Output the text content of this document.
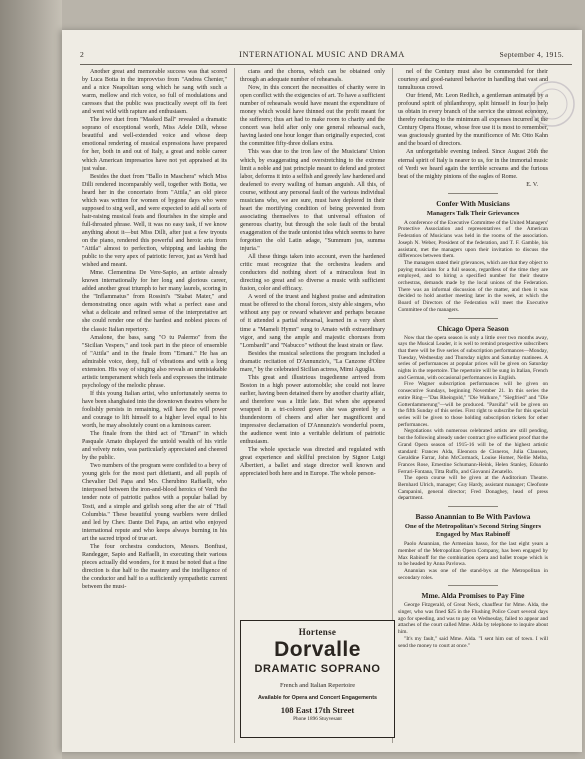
2	INTERNATIONAL MUSIC AND DRAMA	September 4, 1915.

Another great and memorable success was that scored by Luca Botta in the improvviso from "Andrea Chenier," and a nice Neapolitan song which he sang with such a warm, mellow and rich voice, so full of modulations and caresses that the public was practically swept off its feet and went wild with rapture and enthusiasm.

The love duet from "Masked Ball" revealed a dramatic soprano of exceptional worth, Miss Adele Dilli, whose beautiful and well-extended voice and whose deep emotional rendering of musical expressions have prepared for her, both in and out of Italy, a great and noble career which American impresarios have not yet appraised at its just value.

Besides the duet from "Ballo in Maschera" which Miss Dilli rendered incomparably well, together with Botta, we heard her in the concertato from "Attila," an old piece which was written for women of bygone days who were supposed to sing well, and were expected to add all sorts of hair-raising musical feats and flourishes in the simple and full-throated phrase. Well, it was no easy task, if we know anything about it—but Miss Dilli, after just a few tryouts on the piano, rendered this powerful and heroic aria from "Attila" almost to perfection, whipping and lashing the public to the very apex of patriotic fervor, just as Verdi had wished and meant.

Mme. Clementina De Vere-Sapio, an artiste already known internationally for her long and glorious career, added another great triumph to her many laurels, scoring in the "Inflammatus" from Rossini's "Stabat Mater," and demonstrating once again with what a perfect ease and what a delicate and refined sense of the interpretative art she could render one of the hardest and noblest pieces of the classic Italian repertory.

Amalone, the bass, sang "O tu Palermo" from the "Sicilian Vespers," and took part in the piece of ensemble of "Attila" and in the finale from "Ernani." He has an admirable voice, deep, full of vibrations and with a long extension. His way of singing also reveals an unmistakable artistic temperament which feels and expresses the intimate psychology of the melodic phrase.

If this young Italian artist, who unfortunately seems to have been shanghaied into the downtown theatres where he foolishly persists in remaining, will have the will power and courage to lift himself to a higher level equal to his worth, he may absolutely count on a luminous career.

The finale from the third act of "Ernani" in which Pasquale Amato displayed the untold wealth of his virile and velvety notes, was particularly appreciated and cheered by the public.

Two numbers of the program were confided to a bevy of young girls for the most part dilettanti, and all pupils of Chevalier Del Papa and Mo. Cherubino Raffaelli, who interposed between the iron-and-blood heroics of Verdi the tender note of patriotic pathos with a popular ballad by Tosti, and a simple and girlish song after the air of "Hail Columbia." These beautiful young warblers were drilled and led by Chev. Dante Del Papa, an artist who enjoyed international repute and who keeps always burning in his art the sacred tripod of true art.

The four orchestra conductors, Messrs. Bonfiusi, Randegger, Sapio and Raffaelli, in executing their various pieces actually did wonders, for it must be noted that a fine direction is due half to the mastery and the intelligence of the conductor and half to a sufficiently sympathetic current between the musi-

cians and the chorus, which can be obtained only through an adequate number of rehearsals.

Now, in this concert the necessities of charity were in open conflict with the exigencies of art. To have a sufficient number of rehearsals would have meant the expenditure of money which would have thinned out the profit meant for the sufferers; thus art had to make room to charity and the concert was held after only one general rehearsal each, having lasted one hour longer than originally expected, cost the committee fifty-three dollars extra.

This was due to the iron law of the Musicians' Union which, by exaggerating and overstretching to the extreme limit a noble and just principle meant to defend and protect labor, deforms it into a selfish and greedy law hardened and deafened to every wailing of human anguish. All this, of course, without any personal fault of the various individual musicians who, we are sure, must have deplored in their heart the mortifying condition of being prevented from associating themselves to that universal effusion of generous charity, but through the sole fault of the brutal exaggeration of the trade unionist idea which seems to have forgotten the old Latin adage, "Summum jus, summa injuria."

All these things taken into account, even the hardened critic must recognize that the orchestra leaders and conductors did nothing short of a miraculous feat in directing so great and so diverse a music with sufficient fusion, color and efficacy.

A word of the truest and highest praise and admiration must be offered to the choral forces, sixty able singers, who without any pay or reward whatever and perhaps because of it attended a partial rehearsal, learned in a very short time a "Mameli Hymn" sung to Amato with extraordinary vigor, and sang the ample and majestic choruses from "Lombardi" and "Nabucco" without the least strain or flaw.

Besides the musical selections the program included a dramatic recitation of D'Annunzio's, "La Canzone d'Oltre mare," by the celebrated Sicilian actress, Mimi Aguglia.

This great and illustrious tragedienne arrived from Boston in a high power automobile; she could not leave earlier, having been detained there by another charity affair, and therefore was a little late. But when she appeared wrapped in a tri-colored gown she was greeted by a thunderstorm of cheers and after her magnificent and impressive declamation of D'Annunzio's wonderful poem, the audience went into a veritable delirium of patriotic enthusiasm.

The whole spectacle was directed and regulated with great experience and skillful precision by Signor Luigi Albertieri, a ballet and stage director well known and appreciated both here and in Europe. The whole person-

Hortense
Dorvalle
DRAMATIC SOPRANO
French and Italian Repertoire
Available for Opera and Concert Engagements
108 East 17th Street
Phone 1896 Stuyvesant

nel of the Century must also be commended for their courtesy and good-natured behavior in handling that vast and tumultuous crowd.

Our friend, Mr. Leon Redlich, a gentleman animated by a profound spirit of philanthropy, split himself in four to help us obtain in every branch of the service the utmost economy, thereby reducing to the minimum all expenses incurred at the Century Opera House, whose free use it is most to remember, was graciously granted by the munificence of Mr. Otto Kahn and the board of directors.

An unforgettable evening indeed. Since August 26th the eternal spirit of Italy is nearer to us, for in the immortal music of Verdi we heard again the terrible screams and the furious beat of the mighty pinions of the eagles of Rome.

E. V.
Confer With Musicians
Managers Talk Their Grievances

A conference of the Executive Committee of the United Managers' Protective Association and representatives of the American Federation of Musicians was held in the rooms of the association. Joseph N. Weber, President of the federation, and T. F. Gamble, his assistant, met the managers upon their invitation to discuss the differences between them.

The managers stated their grievances, which are that they object to paying musicians for a full season, regardless of the time they are employed, and to hiring a specified number for their theatre orchestras, demands made by the local unions of the Federation. There was an informal discussion of the matter, and then it was decided to hold another meeting later in the week, at which the Board of Directors of the Federation will meet the Executive Committee of the managers.

Chicago Opera Season

Now that the opera season is only a little over two months away, says the Musical Leader, it is well to remind prospective subscribers that there will be five series of subscription performances—Monday, Tuesday, Wednesday and Thursday nights and Saturday matinees. A series of performances at popular prices will be given on Saturday nights in the repertoire. The repertoire will be sung in Italian, French and German, with occasional performances in English.

Five Wagner subscription performances will be given on consecutive Sundays, beginning November 21. In this series the entire Ring—"Das Rheingold," "Die Walkure," "Siegfried" and "Die Gotterdammerung"—will be produced. "Parsifal" will be given on the fifth Sunday of this series. First right to subscribe for this special series will be given to those holding subscription tickets for other performances.

Negotiations with numerous celebrated artists are still pending, but the following already under contract give sufficient proof that the Grand Opera season of 1915-16 will be of the highest artistic standard: Frances Alda, Eleonora de Cisneros, Julia Claussen, Geraldine Farrar, John McCormack, Louise Homer, Nellie Melba, Frances Rose, Ernestine Schumann-Heink, Helen Stanley, Edoardo Ferrari-Fontana, Titta Ruffo, and Giovanni Zenatello.

The opera course will be given at the Auditorium Theatre. Bernhard Ulrich, manager; Guy Hardy, assistant manager; Cleofonte Campanini, general director; Fred Donaghey, head of press department.

Basso Anannian to Be With Pavlowa
One of the Metropolitan's Second String Singers Engaged by Max Rabinoff

Paolo Anannian, the Armenian basso, for the last eight years a member of the Metropolitan Opera Company, has been engaged by Max Rabinoff for the combination opera and ballet troupe which is to be headed by Anna Pavlowa.

Anannian was one of the stand-bys at the Metropolitan in secondary roles.

Mme. Alda Promises to Pay Fine

George Fitzgerald, of Great Neck, chauffeur for Mme. Alda, the singer, who was fined $25 in the Flushing Police Court several days ago for speeding, and was to pay on Wednesday, failed to appear and attaches of the court called Mme. Alda by telephone to inquire about him.

"It's my fault," said Mme. Alda. "I sent him out of town. I will send the money to court at once."
